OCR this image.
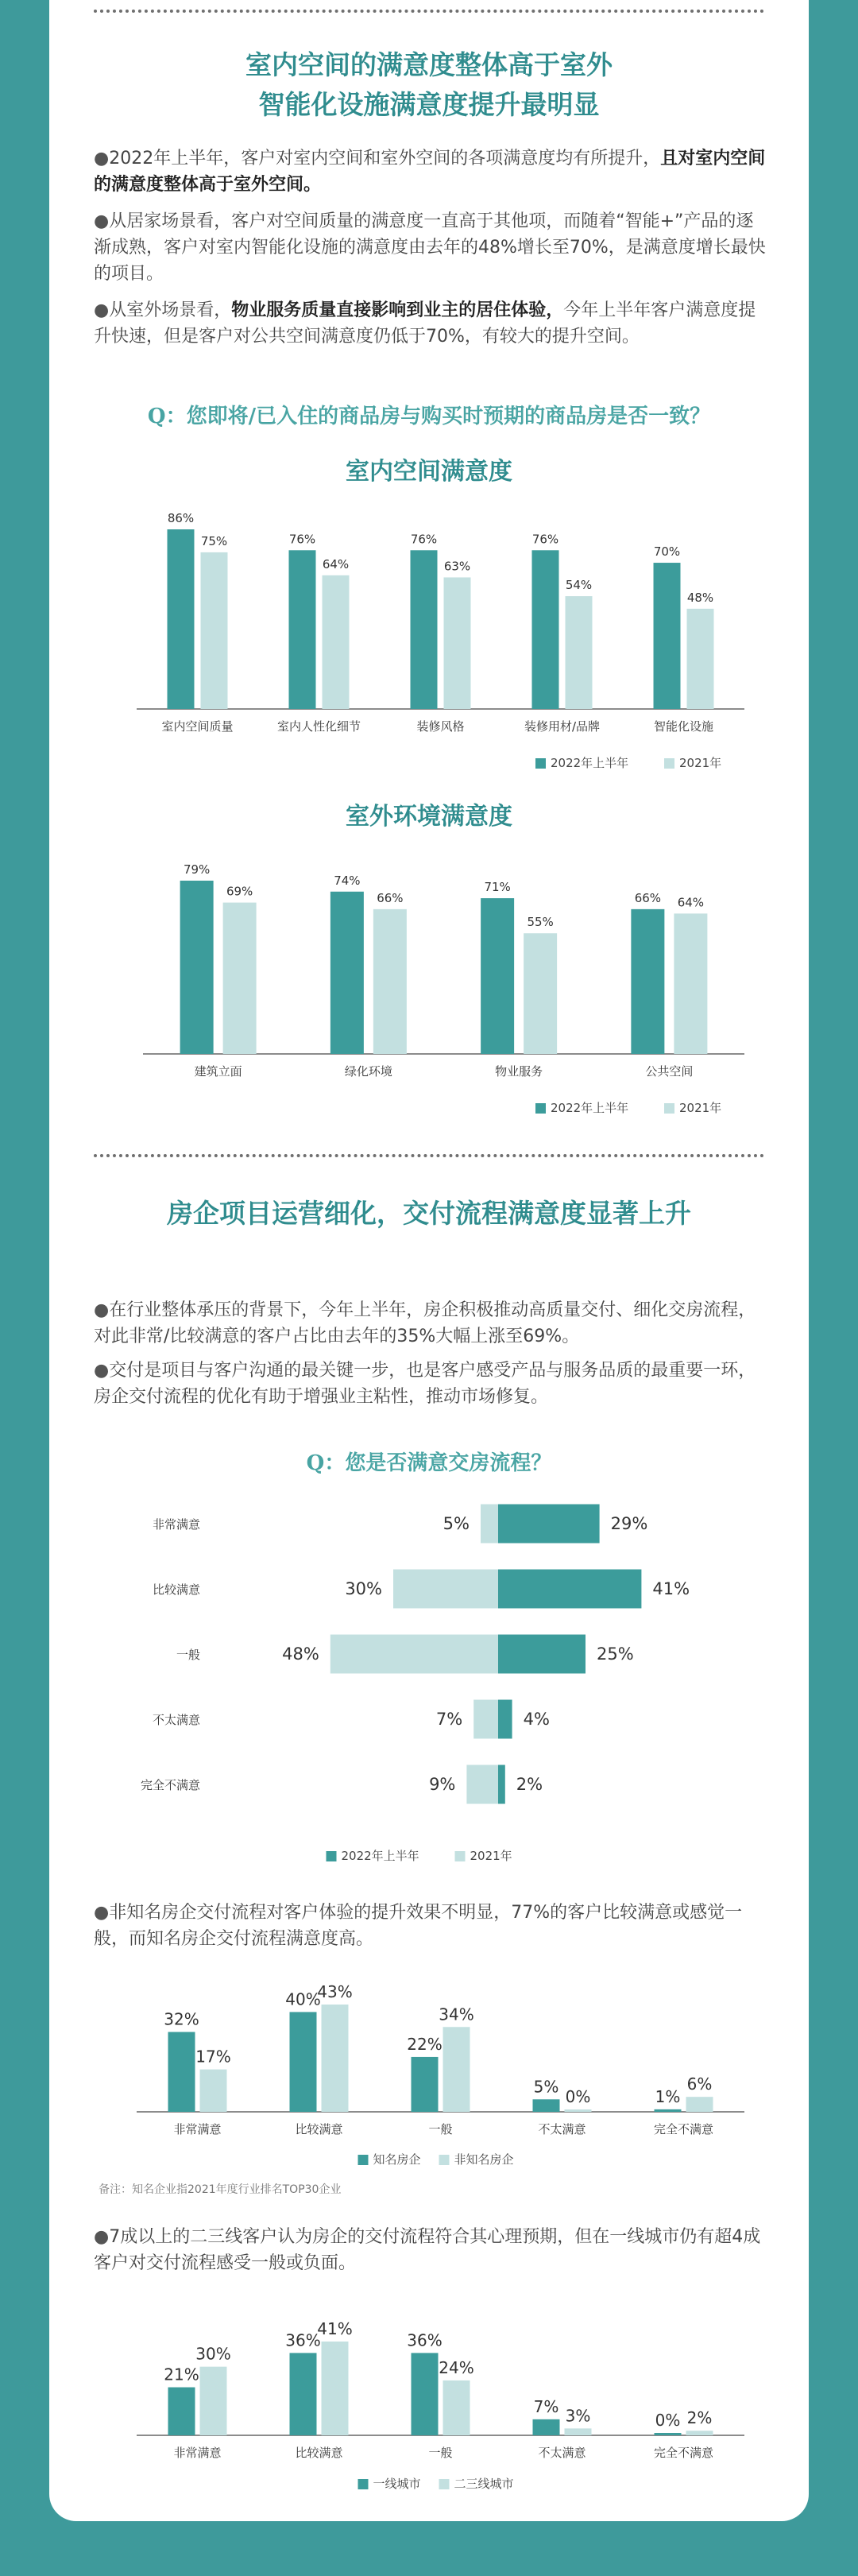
室内空间的满意度整体高于室外
智能化设施满意度提升最明显
●2022年上半年，客户对室内空间和室外空间的各项满意度均有所提升，且对室内空间的满意度整体高于室外空间。
●从居家场景看，客户对空间质量的满意度一直高于其他项，而随着“智能+”产品的逐渐成熟，客户对室内智能化设施的满意度由去年的48%增长至70%，是满意度增长最快的项目。
●从室外场景看，物业服务质量直接影响到业主的居住体验，今年上半年客户满意度提升快速，但是客户对公共空间满意度仍低于70%，有较大的提升空间。
Q：您即将/已入住的商品房与购买时预期的商品房是否一致？
室内空间满意度
86%
75%
室内空间质量
76%
64%
室内人性化细节
76%
63%
装修风格
76%
54%
装修用材/品牌
70%
48%
智能化设施
2022年上半年	2021年
室外环境满意度
79%
69%
建筑立面
74%
66%
绿化环境
71%
55%
物业服务
66% 64%
公共空间
2022年上半年	2021年
房企项目运营细化，交付流程满意度显著上升
●在行业整体承压的背景下，今年上半年，房企积极推动高质量交付、细化交房流程，对此非常/比较满意的客户占比由去年的35%大幅上涨至69%。
●交付是项目与客户沟通的最关键一步，也是客户感受产品与服务品质的最重要一环，房企交付流程的优化有助于增强业主粘性，推动市场修复。
Q：您是否满意交房流程？
5%	29%
非常满意
30%	41%
比较满意
48%	25%
一般
7%	4%
不太满意
9%	2%
完全不满意
2022年上半年	2021年
●非知名房企交付流程对客户体验的提升效果不明显，77%的客户比较满意或感觉一般，而知名房企交付流程满意度高。
32%
17%
非常满意
40%
43%
比较满意
22%
34%
一般
5%
0%
不太满意
1%
6%
完全不满意
知名房企	非知名房企
备注：知名企业指2021年度行业排名TOP30企业
●7成以上的二三线客户认为房企的交付流程符合其心理预期，但在一线城市仍有超4成客户对交付流程感受一般或负面。
21%
30%
非常满意
36%
41%
比较满意
36%
24%
一般
7% 3%
不太满意
0% 2%
完全不满意
一线城市	二三线城市
